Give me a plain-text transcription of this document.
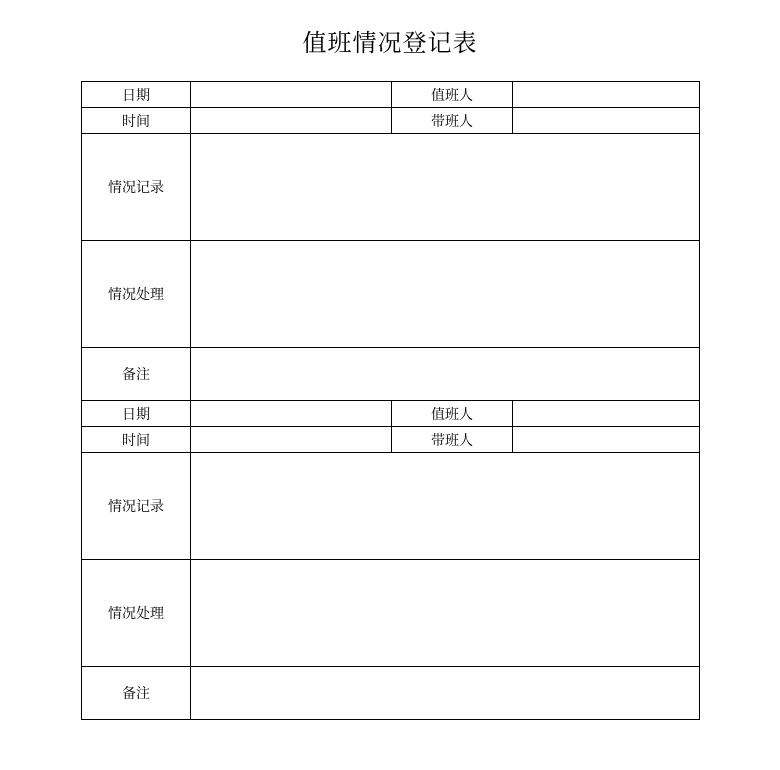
值班情况登记表
日期		值班人	
时间		带班人	
情况记录			
情况处理			
备注			
日期		值班人	
时间		带班人	
情况记录			
情况处理			
备注			
